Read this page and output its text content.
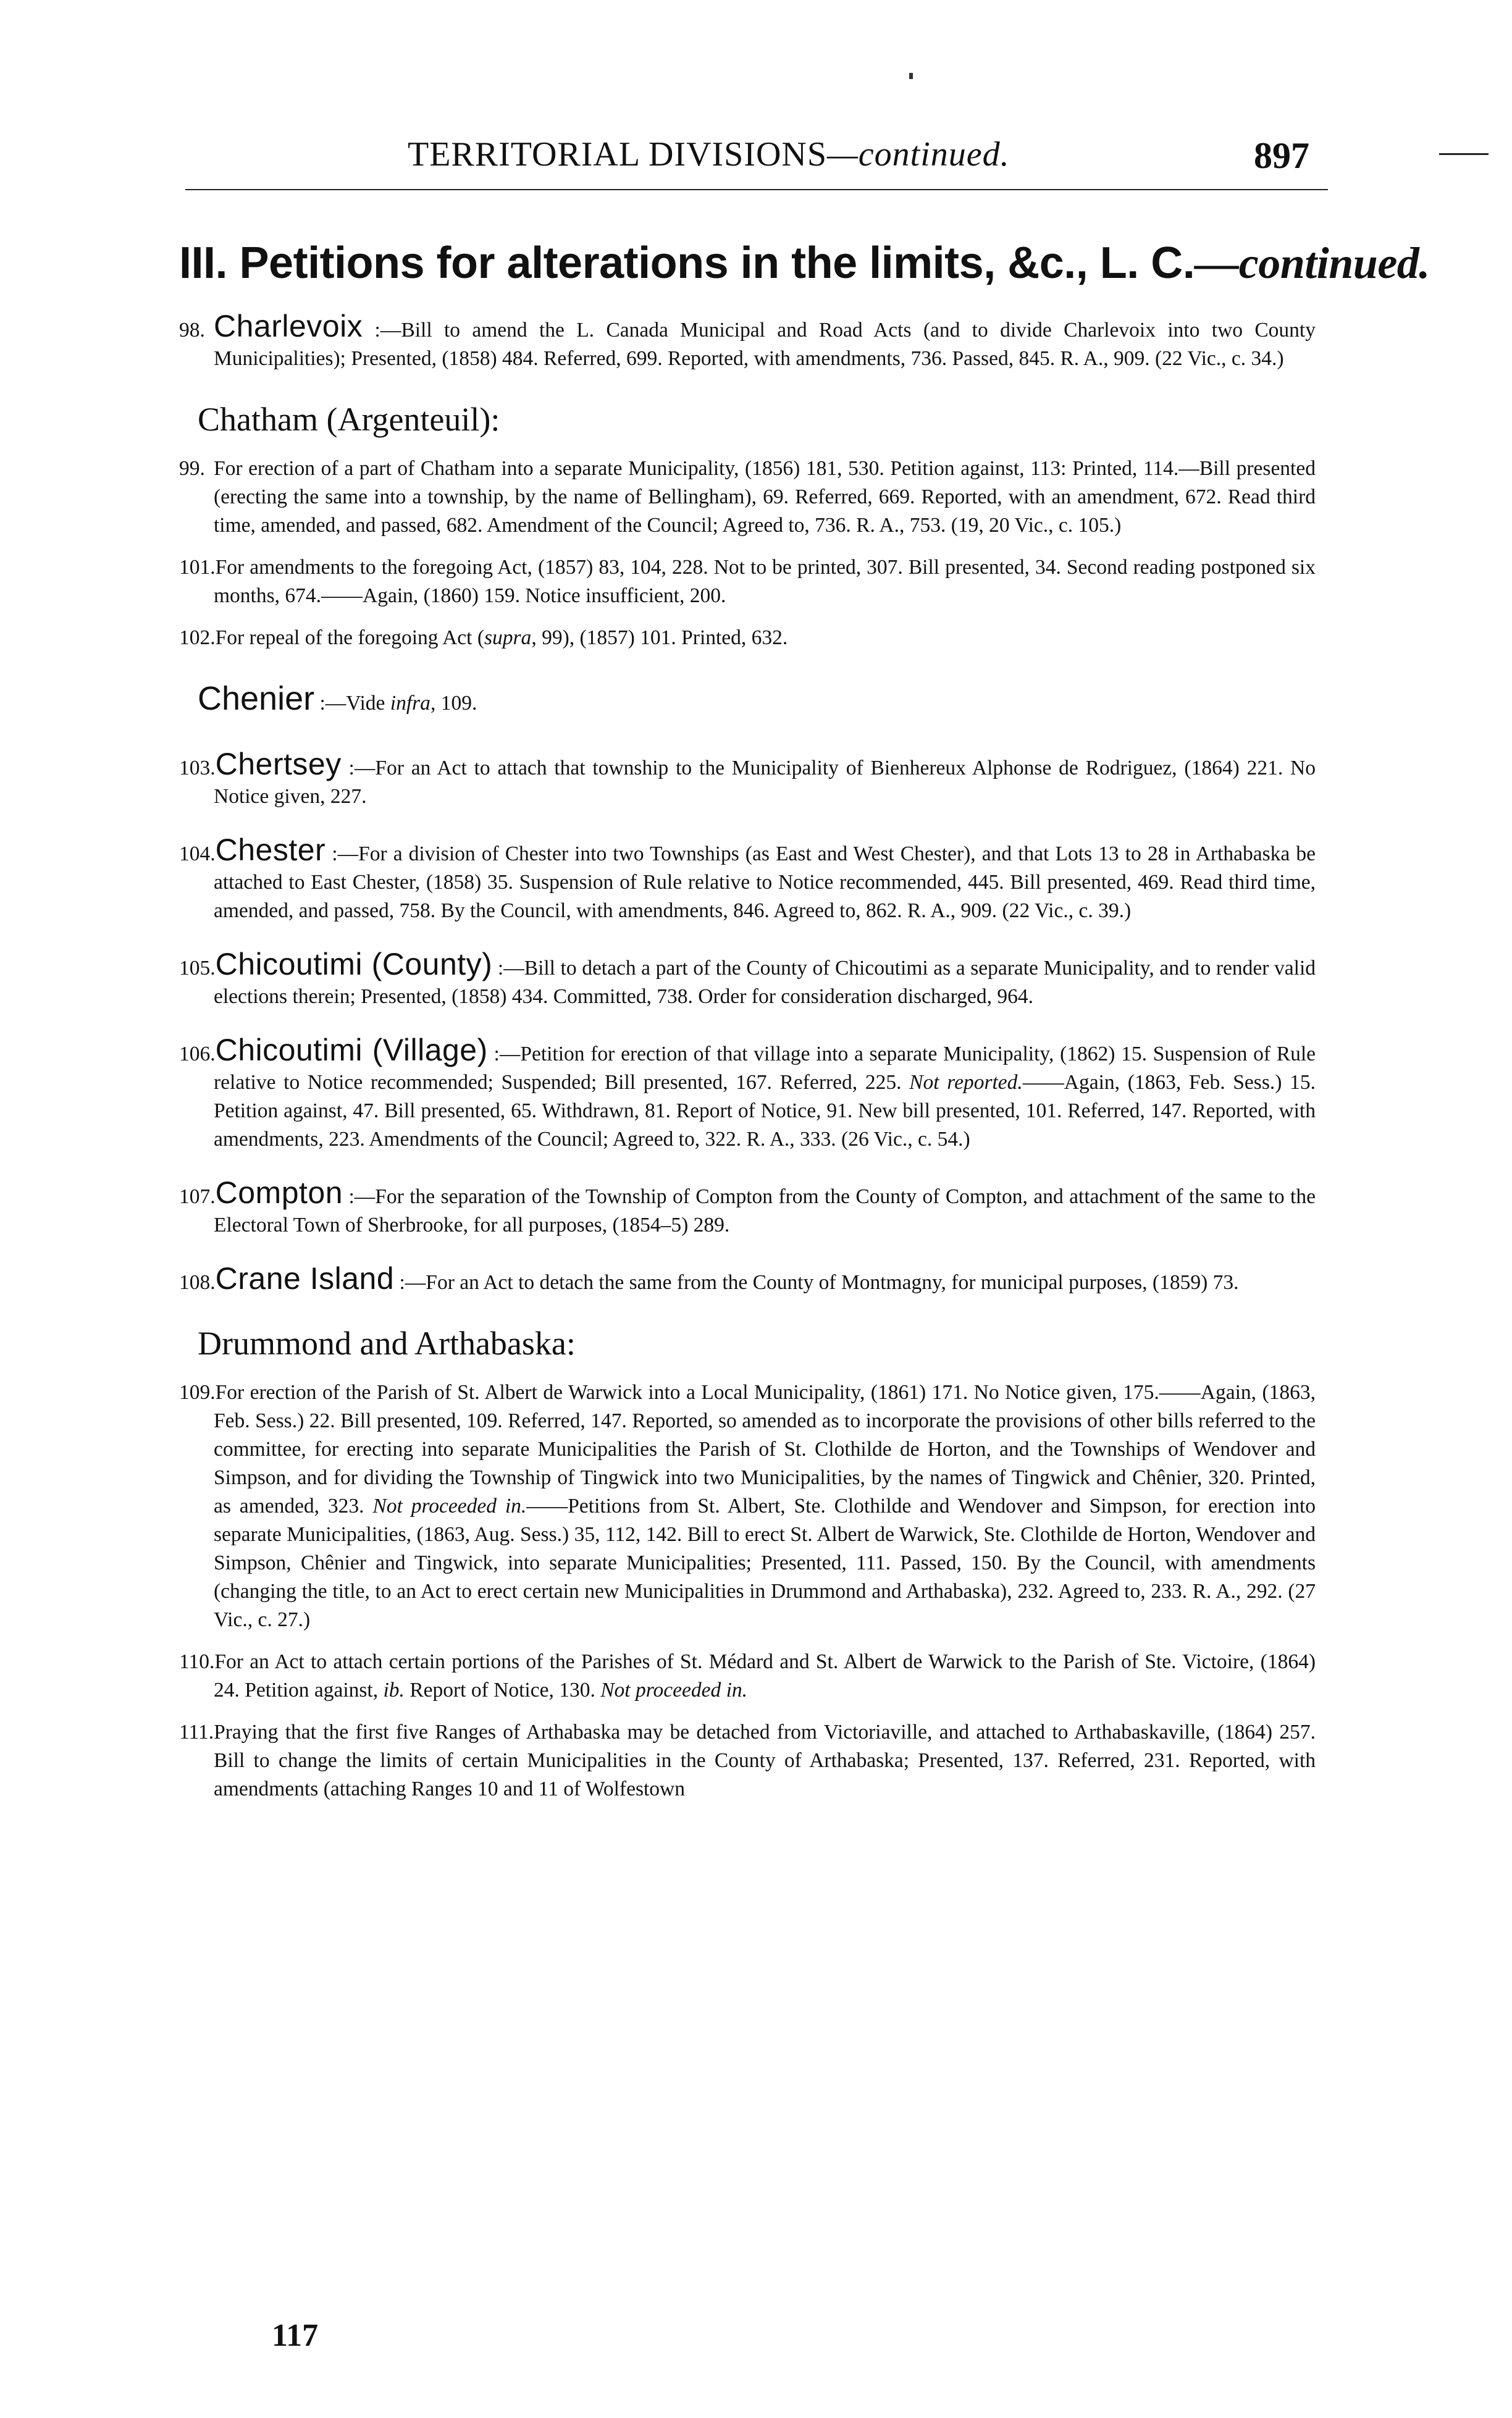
TERRITORIAL DIVISIONS—continued.	897
III. Petitions for alterations in the limits, &c., L. C.—continued.

98. Charlevoix :—Bill to amend the L. Canada Municipal and Road Acts (and to divide Charlevoix into two County Municipalities); Presented, (1858) 484. Referred, 699. Reported, with amendments, 736. Passed, 845. R. A., 909. (22 Vic., c. 34.)

Chatham (Argenteuil):

99. For erection of a part of Chatham into a separate Municipality, (1856) 181, 530. Petition against, 113: Printed, 114.—Bill presented (erecting the same into a township, by the name of Bellingham), 69. Referred, 669. Reported, with an amendment, 672. Read third time, amended, and passed, 682. Amendment of the Council; Agreed to, 736. R. A., 753. (19, 20 Vic., c. 105.)

101.For amendments to the foregoing Act, (1857) 83, 104, 228. Not to be printed, 307. Bill presented, 34. Second reading postponed six months, 674.——Again, (1860) 159. Notice insufficient, 200.

102.For repeal of the foregoing Act (supra, 99), (1857) 101. Printed, 632.

Chenier :—Vide infra, 109.

103.Chertsey :—For an Act to attach that township to the Municipality of Bienhereux Alphonse de Rodriguez, (1864) 221. No Notice given, 227.

104.Chester :—For a division of Chester into two Townships (as East and West Chester), and that Lots 13 to 28 in Arthabaska be attached to East Chester, (1858) 35. Suspension of Rule relative to Notice recommended, 445. Bill presented, 469. Read third time, amended, and passed, 758. By the Council, with amendments, 846. Agreed to, 862. R. A., 909. (22 Vic., c. 39.)

105.Chicoutimi (County) :—Bill to detach a part of the County of Chicoutimi as a separate Municipality, and to render valid elections therein; Presented, (1858) 434. Committed, 738. Order for consideration discharged, 964.

106.Chicoutimi (Village) :—Petition for erection of that village into a separate Municipality, (1862) 15. Suspension of Rule relative to Notice recommended; Suspended; Bill presented, 167. Referred, 225. Not reported.——Again, (1863, Feb. Sess.) 15. Petition against, 47. Bill presented, 65. Withdrawn, 81. Report of Notice, 91. New bill presented, 101. Referred, 147. Reported, with amendments, 223. Amendments of the Council; Agreed to, 322. R. A., 333. (26 Vic., c. 54.)

107.Compton :—For the separation of the Township of Compton from the County of Compton, and attachment of the same to the Electoral Town of Sherbrooke, for all purposes, (1854–5) 289.

108.Crane Island :—For an Act to detach the same from the County of Montmagny, for municipal purposes, (1859) 73.

Drummond and Arthabaska:

109.For erection of the Parish of St. Albert de Warwick into a Local Municipality, (1861) 171. No Notice given, 175.——Again, (1863, Feb. Sess.) 22. Bill presented, 109. Referred, 147. Reported, so amended as to incorporate the provisions of other bills referred to the committee, for erecting into separate Municipalities the Parish of St. Clothilde de Horton, and the Townships of Wendover and Simpson, and for dividing the Township of Tingwick into two Municipalities, by the names of Tingwick and Chênier, 320. Printed, as amended, 323. Not proceeded in.——Petitions from St. Albert, Ste. Clothilde and Wendover and Simpson, for erection into separate Municipalities, (1863, Aug. Sess.) 35, 112, 142. Bill to erect St. Albert de Warwick, Ste. Clothilde de Horton, Wendover and Simpson, Chênier and Tingwick, into separate Municipalities; Presented, 111. Passed, 150. By the Council, with amendments (changing the title, to an Act to erect certain new Municipalities in Drummond and Arthabaska), 232. Agreed to, 233. R. A., 292. (27 Vic., c. 27.)

110.For an Act to attach certain portions of the Parishes of St. Médard and St. Albert de Warwick to the Parish of Ste. Victoire, (1864) 24. Petition against, ib. Report of Notice, 130. Not proceeded in.

111.Praying that the first five Ranges of Arthabaska may be detached from Victoriaville, and attached to Arthabaskaville, (1864) 257. Bill to change the limits of certain Municipalities in the County of Arthabaska; Presented, 137. Referred, 231. Reported, with amendments (attaching Ranges 10 and 11 of Wolfestown

117
